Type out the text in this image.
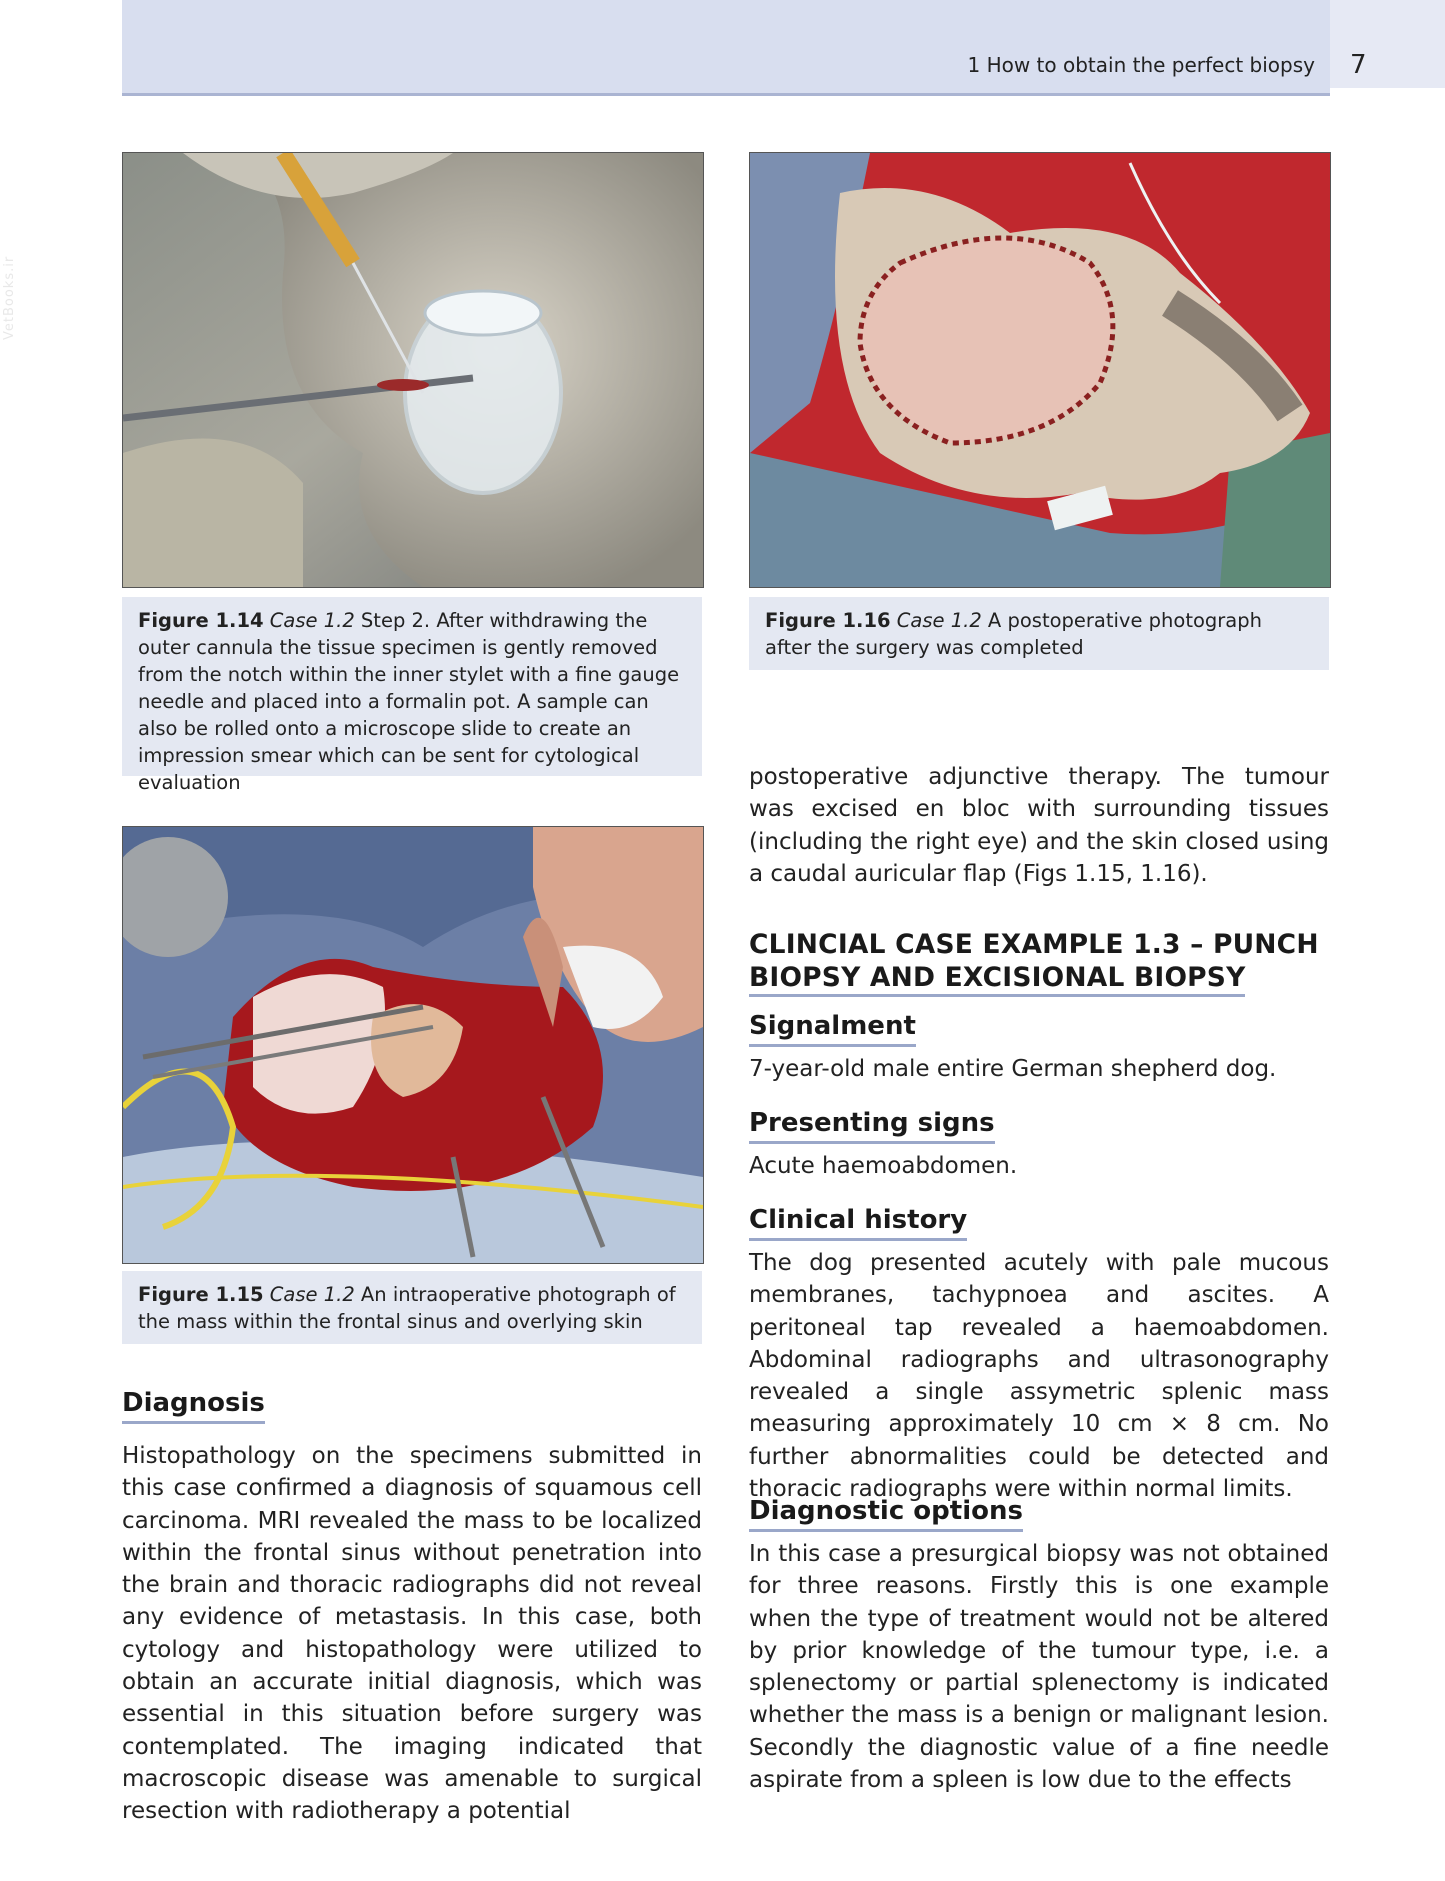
1 How to obtain the perfect biopsy 7
VetBooks.ir
Figure 1.14 Case 1.2 Step 2. After withdrawing the outer cannula the tissue specimen is gently removed from the notch within the inner stylet with a fine gauge needle and placed into a formalin pot. A sample can also be rolled onto a microscope slide to create an impression smear which can be sent for cytological evaluation
Figure 1.16 Case 1.2 A postoperative photograph after the surgery was completed
Figure 1.15 Case 1.2 An intraoperative photograph of the mass within the frontal sinus and overlying skin
Diagnosis
Histopathology on the specimens submitted in this case confirmed a diagnosis of squamous cell carcinoma. MRI revealed the mass to be localized within the frontal sinus without penetration into the brain and thoracic radiographs did not reveal any evidence of metastasis. In this case, both cytology and histopathology were utilized to obtain an accurate initial diagnosis, which was essential in this situation before surgery was contemplated. The imaging indicated that macroscopic disease was amenable to surgical resection with radiotherapy a potential
postoperative adjunctive therapy. The tumour was excised en bloc with surrounding tissues (including the right eye) and the skin closed using a caudal auricular flap (Figs 1.15, 1.16).
CLINCIAL CASE EXAMPLE 1.3 – PUNCH
BIOPSY AND EXCISIONAL BIOPSY
Signalment
7-year-old male entire German shepherd dog.
Presenting signs
Acute haemoabdomen.
Clinical history
The dog presented acutely with pale mucous membranes, tachypnoea and ascites. A peritoneal tap revealed a haemoabdomen. Abdominal radiographs and ultrasonography revealed a single assymetric splenic mass measuring approximately 10 cm × 8 cm. No further abnormalities could be detected and thoracic radiographs were within normal limits.
Diagnostic options
In this case a presurgical biopsy was not obtained for three reasons. Firstly this is one example when the type of treatment would not be altered by prior knowledge of the tumour type, i.e. a splenectomy or partial splenectomy is indicated whether the mass is a benign or malignant lesion. Secondly the diagnostic value of a fine needle aspirate from a spleen is low due to the effects
